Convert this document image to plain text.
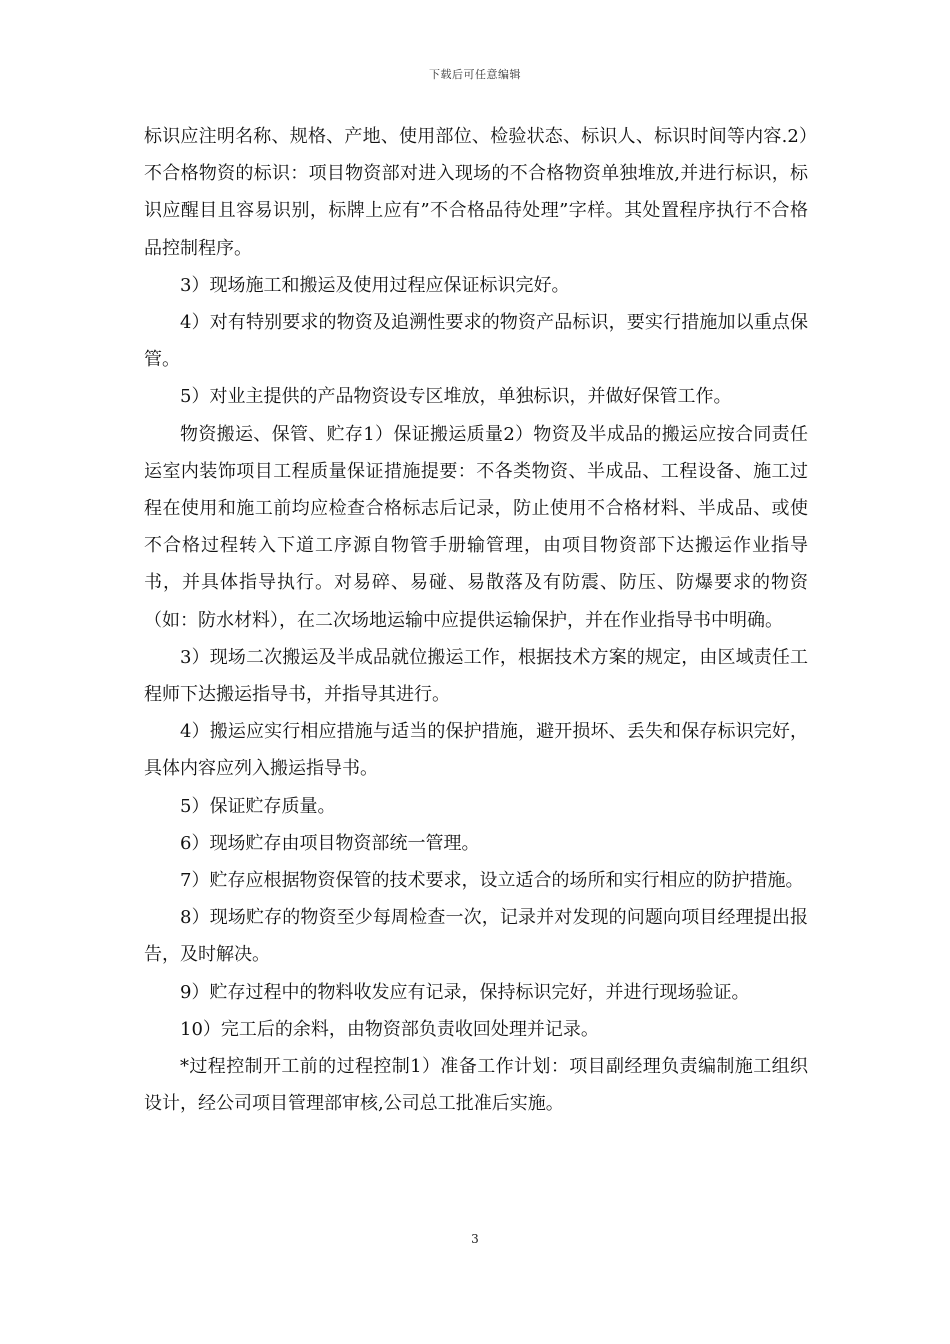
下载后可任意编辑

标识应注明名称、规格、产地、使用部位、检验状态、标识人、标识时间等内容.2）不合格物资的标识：项目物资部对进入现场的不合格物资单独堆放,并进行标识，标识应醒目且容易识别，标牌上应有”不合格品待处理”字样。其处置程序执行不合格品控制程序。

3）现场施工和搬运及使用过程应保证标识完好。

4）对有特别要求的物资及追溯性要求的物资产品标识，要实行措施加以重点保管。

5）对业主提供的产品物资设专区堆放，单独标识，并做好保管工作。

物资搬运、保管、贮存1）保证搬运质量2）物资及半成品的搬运应按合同责任运室内装饰项目工程质量保证措施提要：不各类物资、半成品、工程设备、施工过程在使用和施工前均应检查合格标志后记录，防止使用不合格材料、半成品、或使不合格过程转入下道工序源自物管手册输管理，由项目物资部下达搬运作业指导书，并具体指导执行。对易碎、易碰、易散落及有防震、防压、防爆要求的物资（如：防水材料），在二次场地运输中应提供运输保护，并在作业指导书中明确。

3）现场二次搬运及半成品就位搬运工作，根据技术方案的规定，由区域责任工程师下达搬运指导书，并指导其进行。

4）搬运应实行相应措施与适当的保护措施，避开损坏、丢失和保存标识完好，具体内容应列入搬运指导书。

5）保证贮存质量。

6）现场贮存由项目物资部统一管理。

7）贮存应根据物资保管的技术要求，设立适合的场所和实行相应的防护措施。

8）现场贮存的物资至少每周检查一次，记录并对发现的问题向项目经理提出报告，及时解决。

9）贮存过程中的物料收发应有记录，保持标识完好，并进行现场验证。

10）完工后的余料，由物资部负责收回处理并记录。

*过程控制开工前的过程控制1）准备工作计划：项目副经理负责编制施工组织设计，经公司项目管理部审核,公司总工批准后实施。

3
